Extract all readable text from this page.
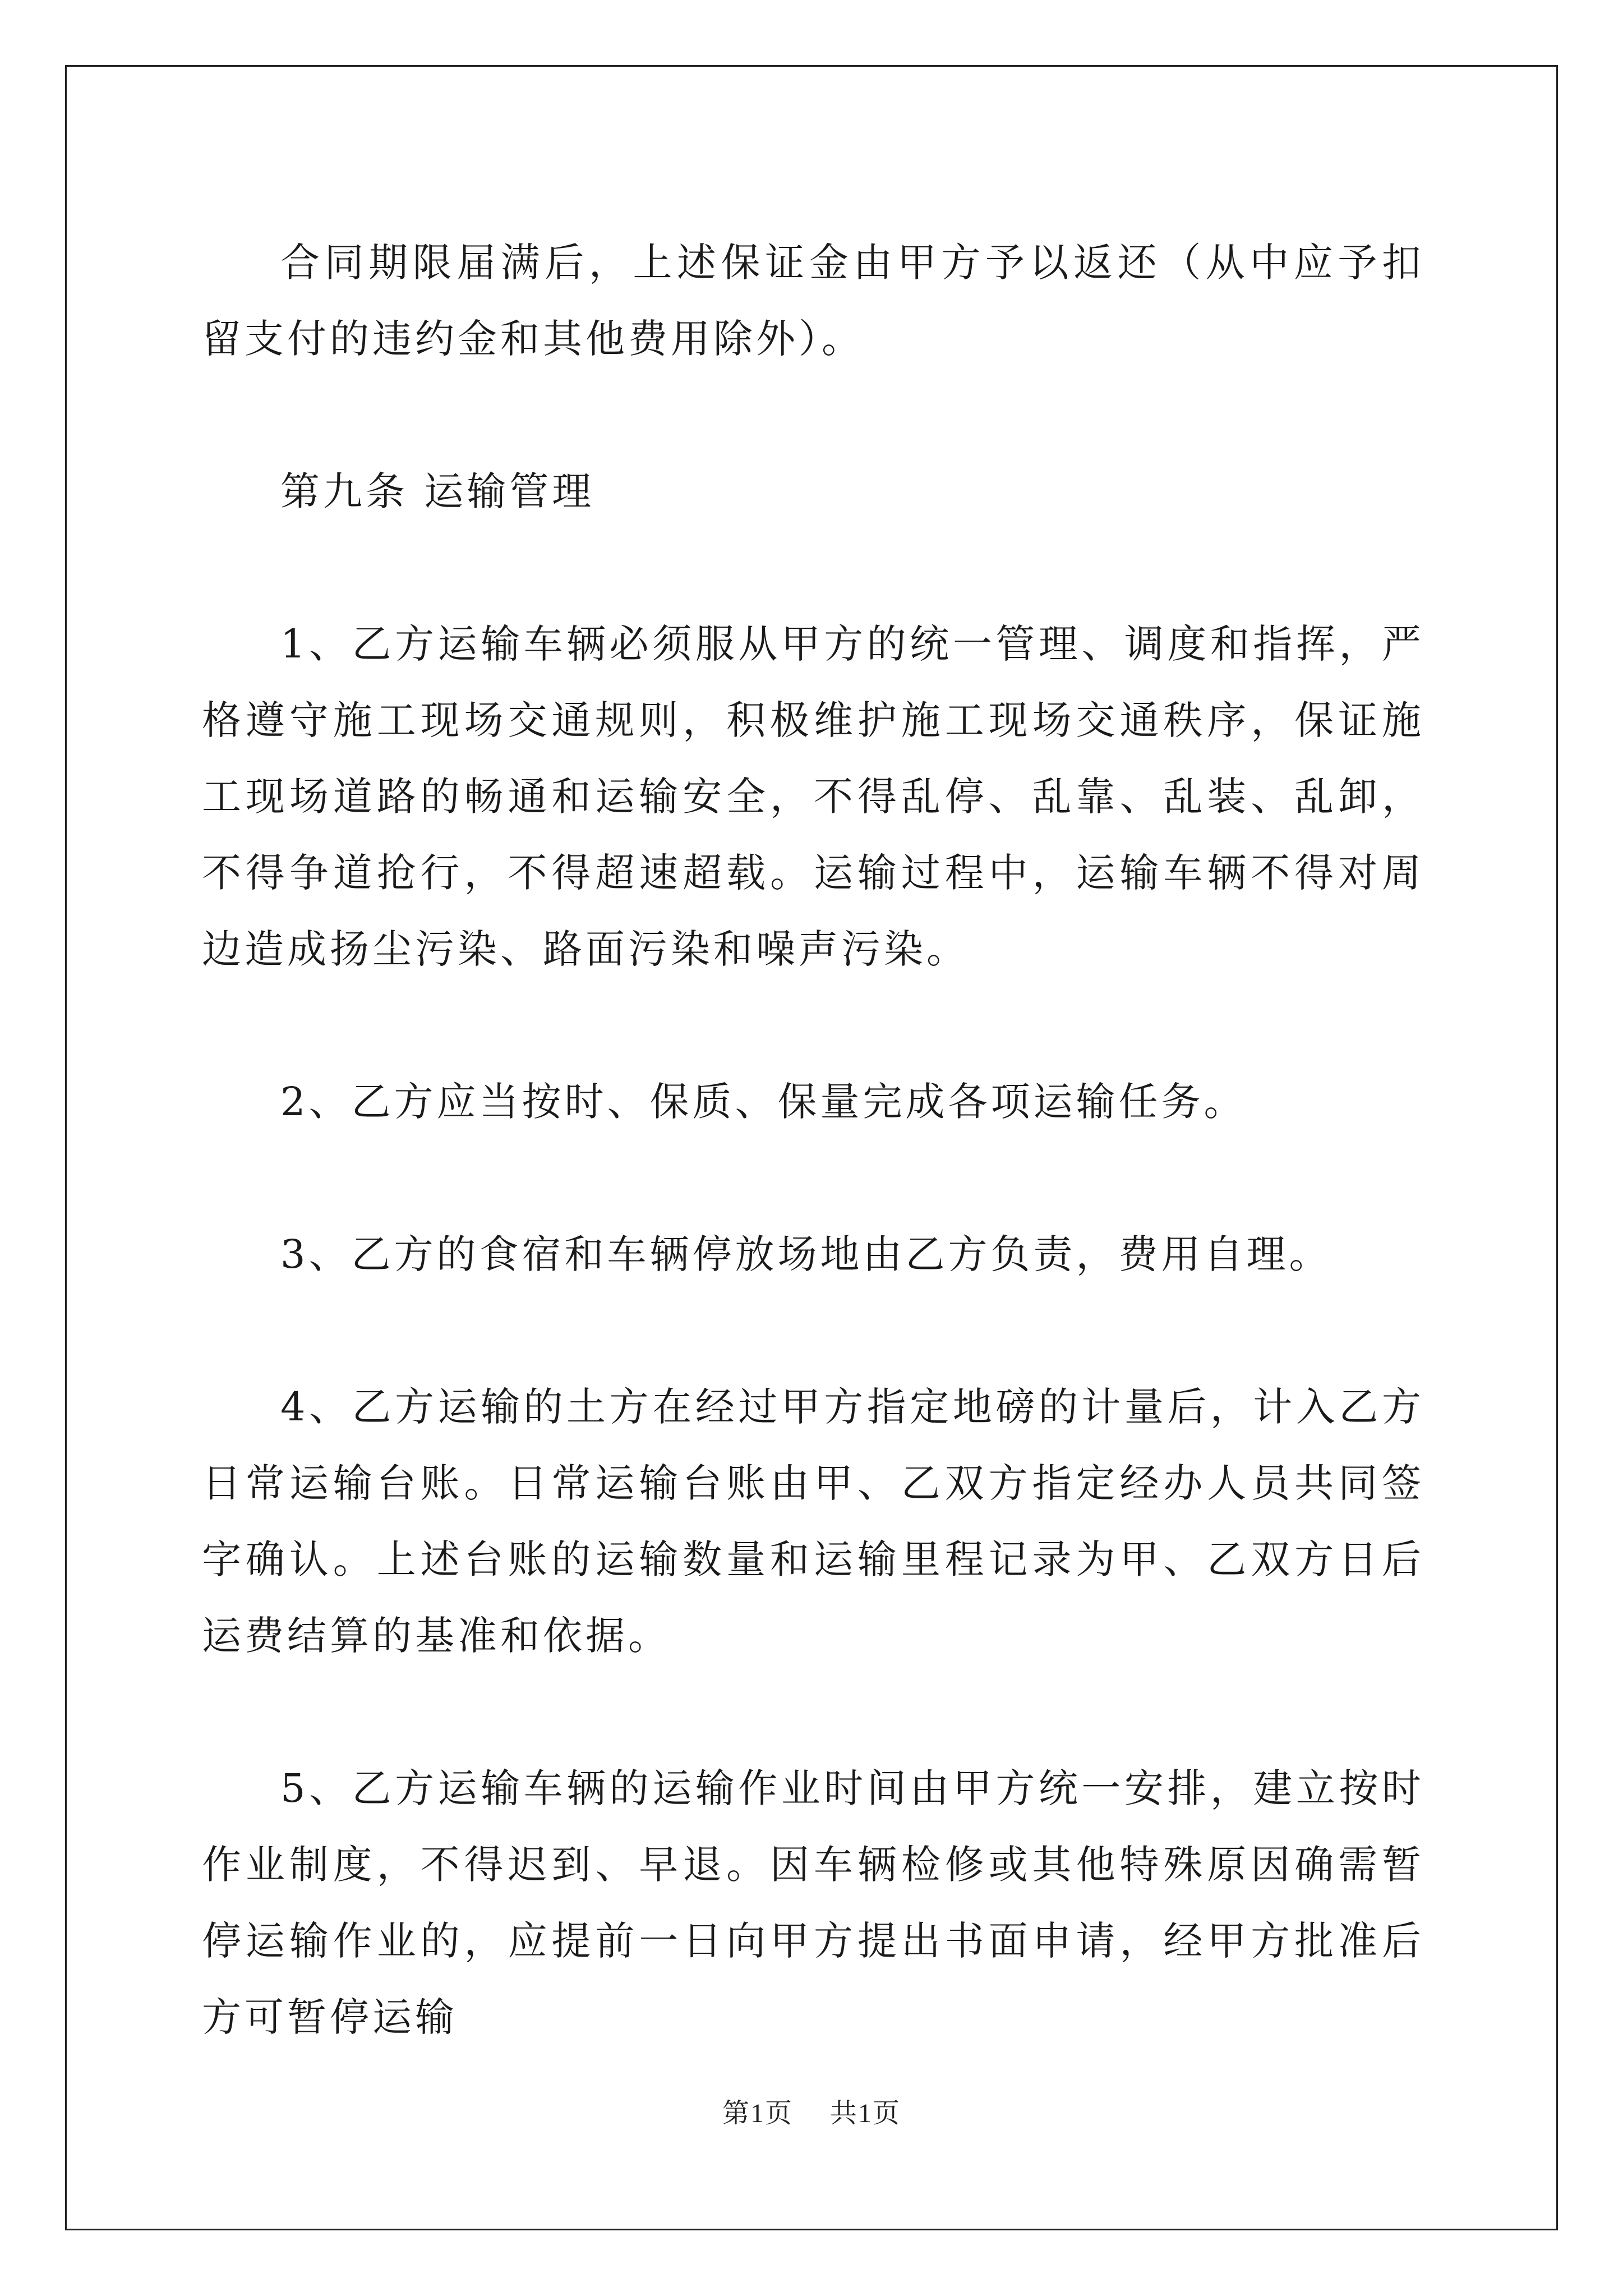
合同期限届满后，上述保证金由甲方予以返还（从中应予扣留支付的违约金和其他费用除外）。

第九条 运输管理

1、乙方运输车辆必须服从甲方的统一管理、调度和指挥，严格遵守施工现场交通规则，积极维护施工现场交通秩序，保证施工现场道路的畅通和运输安全，不得乱停、乱靠、乱装、乱卸，不得争道抢行，不得超速超载。运输过程中，运输车辆不得对周边造成扬尘污染、路面污染和噪声污染。

2、乙方应当按时、保质、保量完成各项运输任务。

3、乙方的食宿和车辆停放场地由乙方负责，费用自理。

4、乙方运输的土方在经过甲方指定地磅的计量后，计入乙方日常运输台账。日常运输台账由甲、乙双方指定经办人员共同签字确认。上述台账的运输数量和运输里程记录为甲、乙双方日后运费结算的基准和依据。

5、乙方运输车辆的运输作业时间由甲方统一安排，建立按时作业制度，不得迟到、早退。因车辆检修或其他特殊原因确需暂停运输作业的，应提前一日向甲方提出书面申请，经甲方批准后方可暂停运输

第1页 共1页
